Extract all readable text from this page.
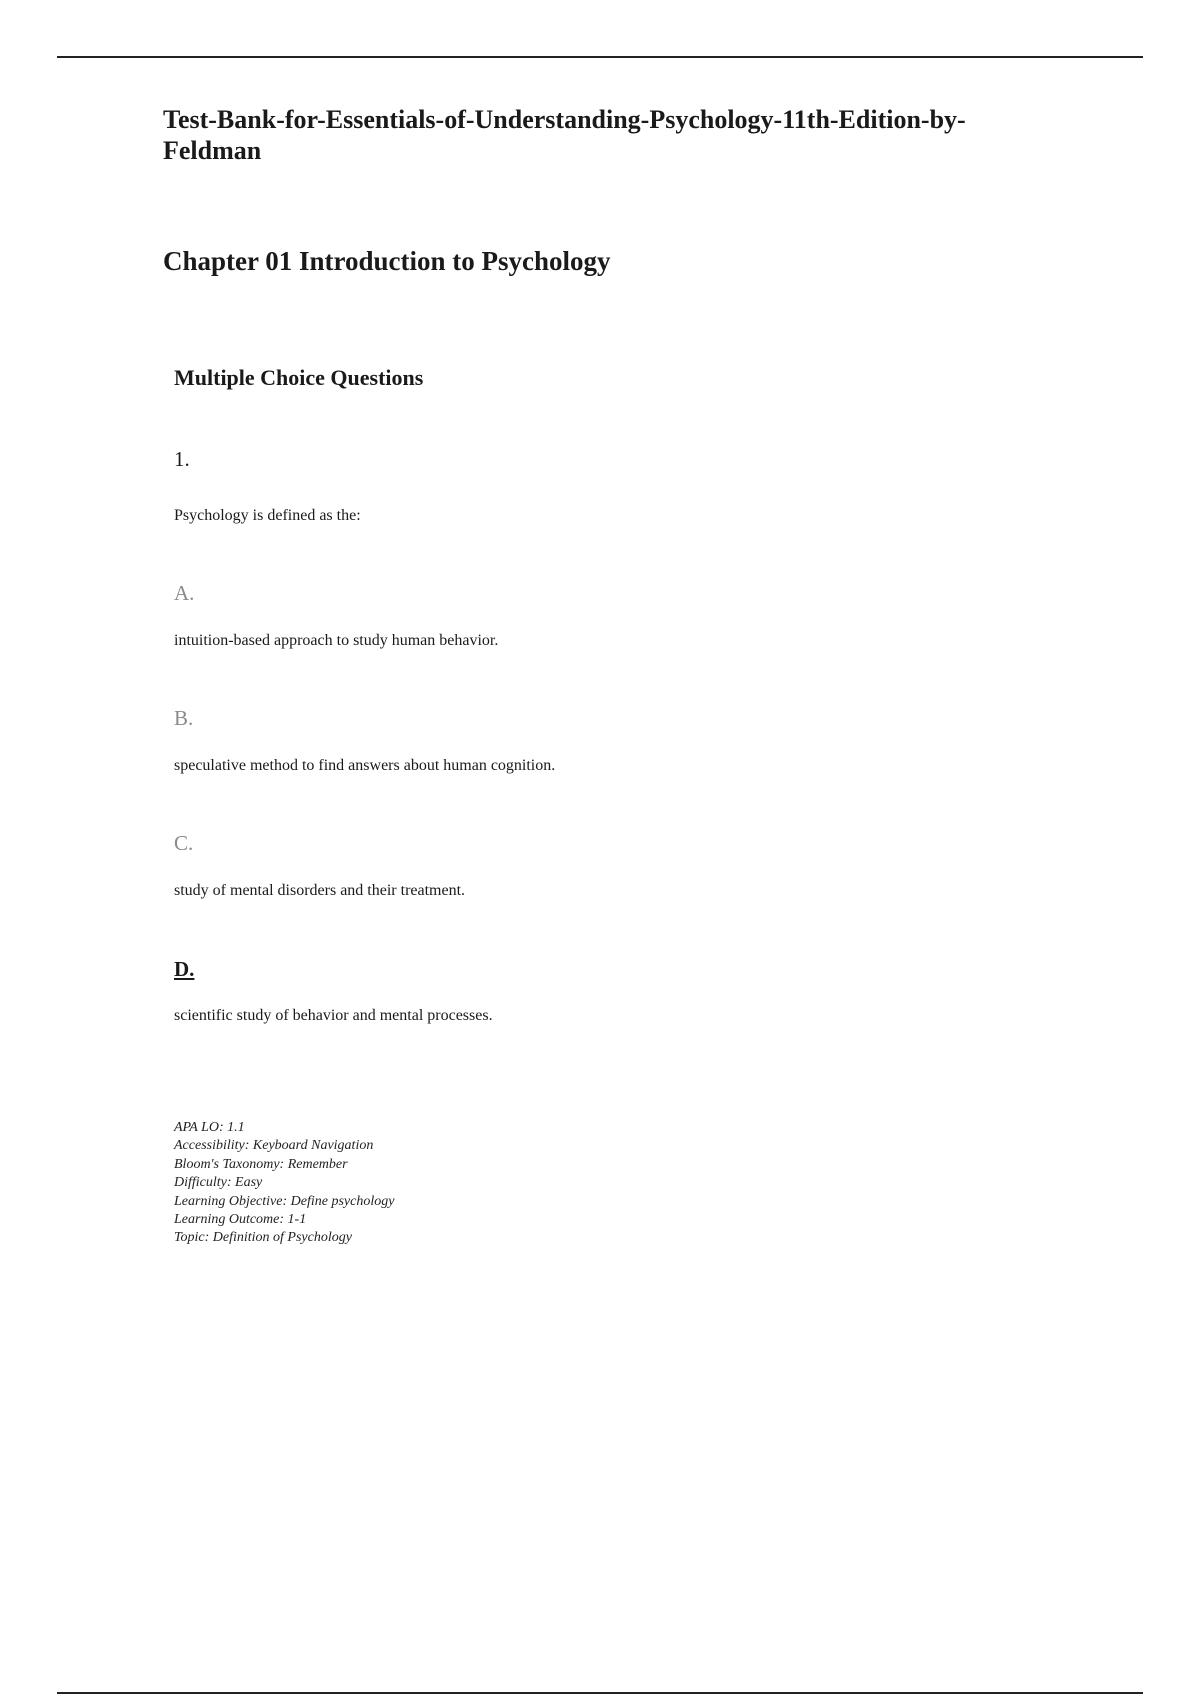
Test-Bank-for-Essentials-of-Understanding-Psychology-11th-Edition-by-Feldman
Chapter 01 Introduction to Psychology
Multiple Choice Questions
1.
Psychology is defined as the:
A.
intuition-based approach to study human behavior.
B.
speculative method to find answers about human cognition.
C.
study of mental disorders and their treatment.
D.
scientific study of behavior and mental processes.
APA LO: 1.1
Accessibility: Keyboard Navigation
Bloom's Taxonomy: Remember
Difficulty: Easy
Learning Objective: Define psychology
Learning Outcome: 1-1
Topic: Definition of Psychology
